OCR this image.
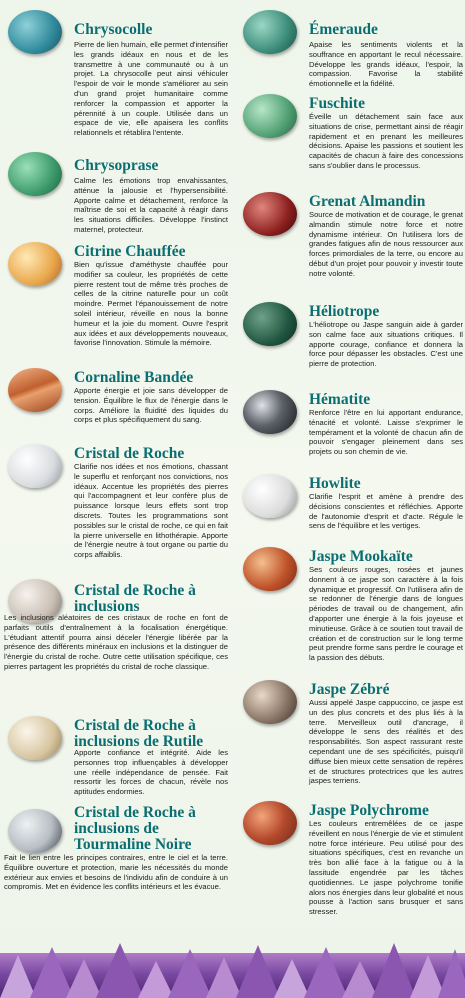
Chrysocolle
Pierre de lien humain, elle permet d'intensifier les grands idéaux en nous et de les transmettre à une communauté ou à un projet. La chrysocolle peut ainsi véhiculer l'espoir de voir le monde s'améliorer au sein d'un grand projet humanitaire comme renforcer la compassion et apporter la pérennité à un couple. Utilisée dans un espace de vie, elle apaisera les conflits relationnels et rétablira l'entente.
Chrysoprase
Calme les émotions trop envahissantes, atténue la jalousie et l'hypersensibilité. Apporte calme et détachement, renforce la maîtrise de soi et la capacité à réagir dans les situations difficiles. Développe l'instinct maternel, protecteur.
Citrine Chauffée
Bien qu'issue d'améthyste chauffée pour modifier sa couleur, les propriétés de cette pierre restent tout de même très proches de celles de la citrine naturelle pour un coût moindre. Permet l'épanouissement de notre soleil intérieur, réveille en nous la bonne humeur et la joie du moment. Ouvre l'esprit aux idées et aux développements nouveaux, favorise l'innovation. Stimule la mémoire.
Cornaline Bandée
Apporte énergie et joie sans développer de tension. Équilibre le flux de l'énergie dans le corps. Améliore la fluidité des liquides du corps et plus spécifiquement du sang.
Cristal de Roche
Clarifie nos idées et nos émotions, chassant le superflu et renforçant nos convictions, nos idéaux. Accentue les propriétés des pierres qui l'accompagnent et leur confère plus de puissance lorsque leurs effets sont trop discrets. Toutes les programmations sont possibles sur le cristal de roche, ce qui en fait la pierre universelle en lithothérapie. Apporte de l'énergie neutre à tout organe ou partie du corps affaiblis.
Cristal de Roche à inclusions
Les inclusions aléatoires de ces cristaux de roche en font de parfaits outils d'entraînement à la focalisation énergétique. L'étudiant attentif pourra ainsi déceler l'énergie libérée par la présence des différents minéraux en inclusions et la distinguer de l'énergie du cristal de roche. Outre cette utilisation spécifique, ces pierres partagent les propriétés du cristal de roche classique.
Cristal de Roche à inclusions de Rutile
Apporte confiance et intégrité. Aide les personnes trop influençables à développer une réelle indépendance de pensée. Fait ressortir les forces de chacun, révèle nos aptitudes endormies.
Cristal de Roche à inclusions de Tourmaline Noire
Fait le lien entre les principes contraires, entre le ciel et la terre. Équilibre ouverture et protection, marie les nécessités du monde extérieur aux envies et besoins de l'individu afin de conduire à un compromis. Met en évidence les conflits intérieurs et les évacue.
Émeraude
Apaise les sentiments violents et la souffrance en apportant le recul nécessaire. Développe les grands idéaux, l'espoir, la compassion. Favorise la stabilité émotionnelle et la fidélité.
Fuschite
Éveille un détachement sain face aux situations de crise, permettant ainsi de réagir rapidement et en prenant les meilleures décisions. Apaise les passions et soutient les capacités de chacun à faire des concessions sans s'oublier dans le processus.
Grenat Almandin
Source de motivation et de courage, le grenat almandin stimule notre force et notre dynamisme intérieur. On l'utilisera lors de grandes fatigues afin de nous ressourcer aux forces primordiales de la terre, ou encore au début d'un projet pour pouvoir y investir toute notre volonté.
Héliotrope
L'héliotrope ou Jaspe sanguin aide à garder son calme face aux situations critiques. Il apporte courage, confiance et donnera la force pour dépasser les obstacles. C'est une pierre de protection.
Hématite
Renforce l'être en lui apportant endurance, ténacité et volonté. Laisse s'exprimer le tempérament et la volonté de chacun afin de pouvoir s'engager pleinement dans ses projets ou son chemin de vie.
Howlite
Clarifie l'esprit et amène à prendre des décisions conscientes et réfléchies. Apporte de l'autonomie d'esprit et d'acte. Régule le sens de l'équilibre et les vertiges.
Jaspe Mookaïte
Ses couleurs rouges, rosées et jaunes donnent à ce jaspe son caractère à la fois dynamique et progressif. On l'utilisera afin de se redonner de l'énergie dans de longues périodes de travail ou de changement, afin d'apporter une énergie à la fois joyeuse et minutieuse. Grâce à ce soutien tout travail de création et de construction sur le long terme peut prendre forme sans perdre le courage et la passion des débuts.
Jaspe Zébré
Aussi appelé Jaspe cappuccino, ce jaspe est un des plus concrets et des plus liés à la terre. Merveilleux outil d'ancrage, il développe le sens des réalités et des responsabilités. Son aspect rassurant reste cependant une de ses spécificités, puisqu'il diffuse bien mieux cette sensation de repères et de structures protectrices que les autres jaspes terriens.
Jaspe Polychrome
Les couleurs entremêlées de ce jaspe réveillent en nous l'énergie de vie et stimulent notre force intérieure. Peu utilisé pour des situations spécifiques, c'est en revanche un très bon allié face à la fatigue ou à la lassitude engendrée par les tâches quotidiennes. Le jaspe polychrome tonifie alors nos énergies dans leur globalité et nous pousse à l'action sans brusquer et sans stresser.
